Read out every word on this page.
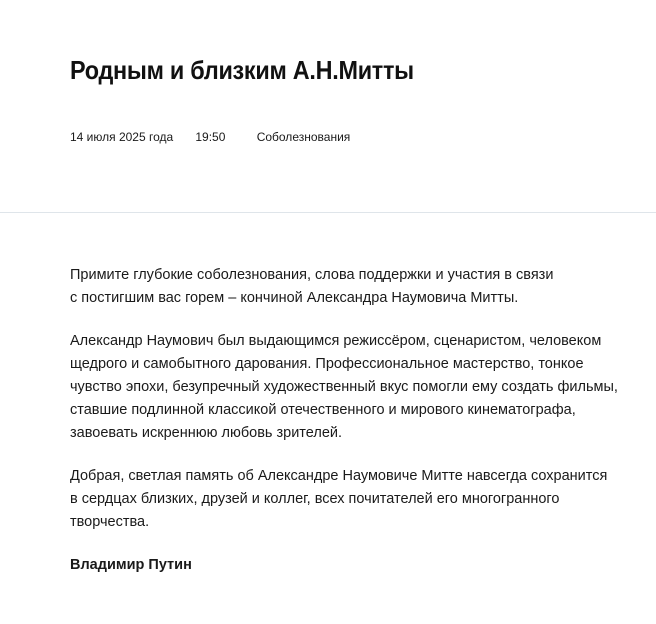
Родным и близким А.Н.Митты
14 июля 2025 года 19:50	Соболезнования

Примите глубокие соболезнования, слова поддержки и участия в связи
с постигшим вас горем – кончиной Александра Наумовича Митты.

Александр Наумович был выдающимся режиссёром, сценаристом, человеком
щедрого и самобытного дарования. Профессиональное мастерство, тонкое
чувство эпохи, безупречный художественный вкус помогли ему создать фильмы,
ставшие подлинной классикой отечественного и мирового кинематографа,
завоевать искреннюю любовь зрителей.

Добрая, светлая память об Александре Наумовиче Митте навсегда сохранится
в сердцах близких, друзей и коллег, всех почитателей его многогранного
творчества.

Владимир Путин
